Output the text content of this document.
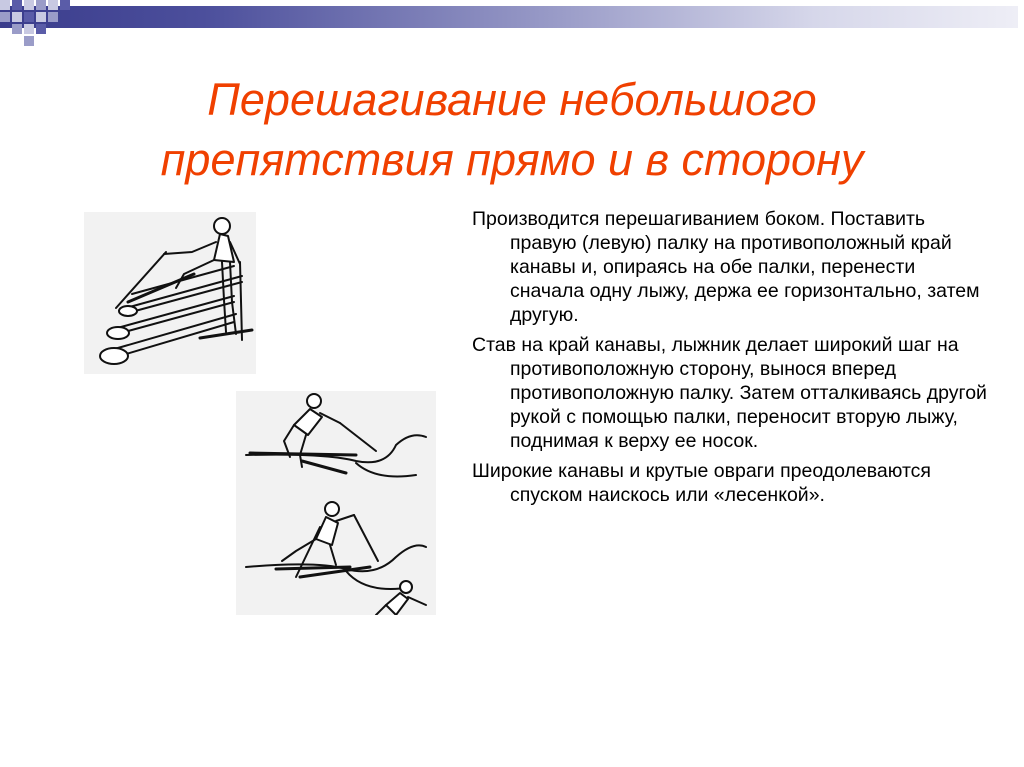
Перешагивание небольшого
препятствия прямо и в сторону

Производится перешагиванием боком. Поставить правую (левую) палку на противоположный край канавы и, опираясь на обе палки, перенести сначала одну лыжу, держа ее горизонтально, затем другую.

Став на край канавы, лыжник делает широкий шаг на противоположную сторону, вынося вперед противоположную палку. Затем отталкиваясь другой рукой с помощью палки, переносит вторую лыжу, поднимая к верху ее носок.

Широкие канавы и крутые овраги преодолеваются спуском наискось или «лесенкой».
